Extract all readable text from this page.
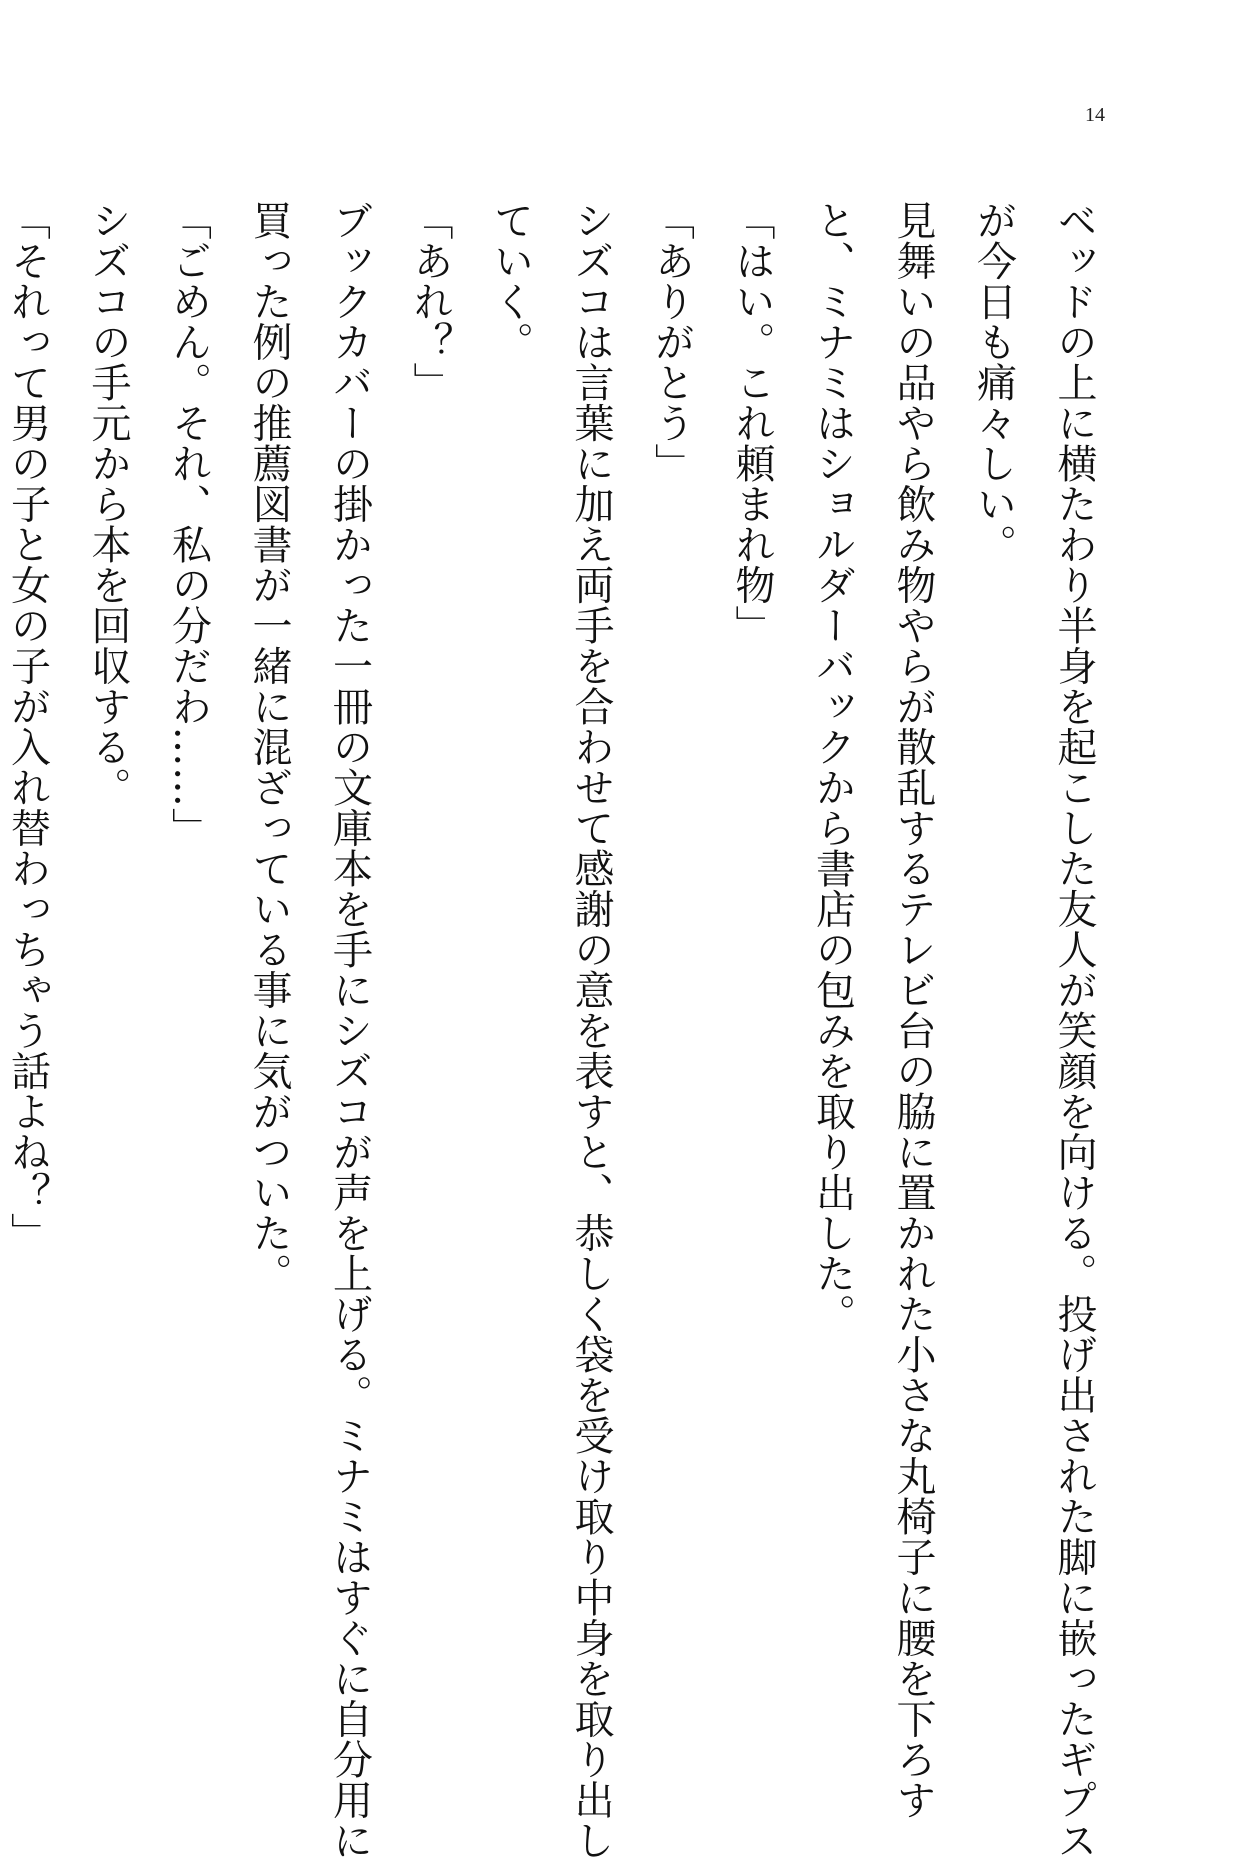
14
ベッドの上に横たわり半身を起こした友人が笑顔を向ける。投げ出された脚に嵌ったギプス
が今日も痛々しい。
見舞いの品やら飲み物やらが散乱するテレビ台の脇に置かれた小さな丸椅子に腰を下ろす
と、ミナミはショルダーバックから書店の包みを取り出した。
「はい。これ頼まれ物」
「ありがとう」
シズコは言葉に加え両手を合わせて感謝の意を表すと、恭しく袋を受け取り中身を取り出し
ていく。
「あれ？」
ブックカバーの掛かった一冊の文庫本を手にシズコが声を上げる。ミナミはすぐに自分用に
買った例の推薦図書が一緒に混ざっている事に気がついた。
「ごめん。それ、私の分だわ……」
シズコの手元から本を回収する。
「それって男の子と女の子が入れ替わっちゃう話よね？」
